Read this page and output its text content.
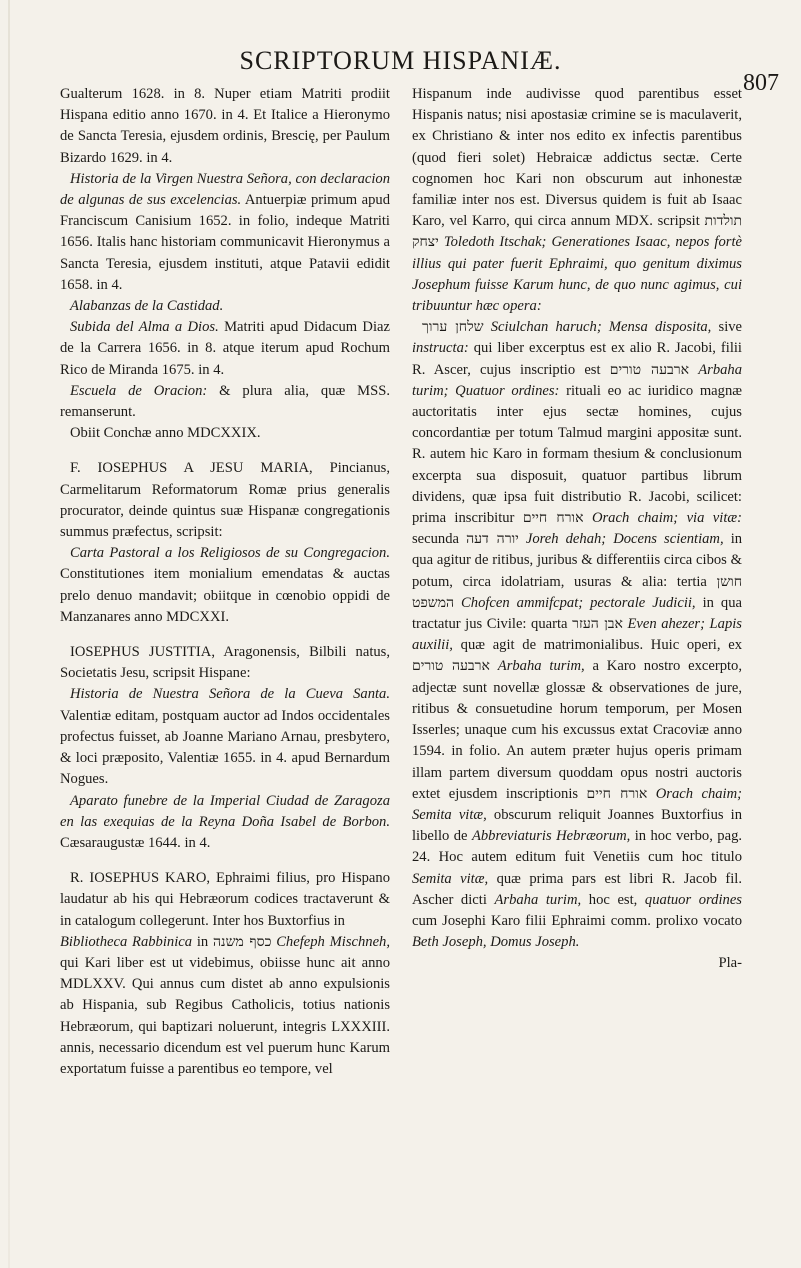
SCRIPTORUM HISPANIÆ.
807

Gualterum 1628. in 8. Nuper etiam Matriti prodiit Hispana editio anno 1670. in 4. Et Italice a Hieronymo de Sancta Teresia, ejusdem ordinis, Brescię, per Paulum Bizardo 1629. in 4.

Historia de la Virgen Nuestra Señora, con declaracion de algunas de sus excelencias. Antuerpiæ primum apud Franciscum Canisium 1652. in folio, indeque Matriti 1656. Italis hanc historiam communicavit Hieronymus a Sancta Teresia, ejusdem instituti, atque Patavii edidit 1658. in 4.

Alabanzas de la Castidad.

Subida del Alma a Dios. Matriti apud Didacum Diaz de la Carrera 1656. in 8. atque iterum apud Rochum Rico de Miranda 1675. in 4.

Escuela de Oracion: & plura alia, quæ MSS. remanserunt.

Obiit Conchæ anno MDCXXIX.

F. IOSEPHUS A JESU MARIA, Pincianus, Carmelitarum Reformatorum Romæ prius generalis procurator, deinde quintus suæ Hispanæ congregationis summus præfectus, scripsit:

Carta Pastoral a los Religiosos de su Congregacion. Constitutiones item monialium emendatas & auctas prelo denuo mandavit; obiitque in cœnobio oppidi de Manzanares anno MDCXXI.

IOSEPHUS JUSTITIA, Aragonensis, Bilbili natus, Societatis Jesu, scripsit Hispane:

Historia de Nuestra Señora de la Cueva Santa. Valentiæ editam, postquam auctor ad Indos occidentales profectus fuisset, ab Joanne Mariano Arnau, presbytero, & loci præposito, Valentiæ 1655. in 4. apud Bernardum Nogues.

Aparato funebre de la Imperial Ciudad de Zaragoza en las exequias de la Reyna Doña Isabel de Borbon. Cæsaraugustæ 1644. in 4.

R. IOSEPHUS KARO, Ephraimi filius, pro Hispano laudatur ab his qui Hebræorum codices tractaverunt & in catalogum collegerunt. Inter hos Buxtorfius in

Bibliotheca Rabbinica in כסף משנה Chefeph Mischneh, qui Kari liber est ut videbimus, obiisse hunc ait anno MDLXXV. Qui annus cum distet ab anno expulsionis ab Hispania, sub Regibus Catholicis, totius nationis Hebræorum, qui baptizari noluerunt, integris LXXXIII. annis, necessario dicendum est vel puerum hunc Karum exportatum fuisse a parentibus eo tempore, vel

Hispanum inde audivisse quod parentibus esset Hispanis natus; nisi apostasiæ crimine se is maculaverit, ex Christiano & inter nos edito ex infectis parentibus (quod fieri solet) Hebraicæ addictus sectæ. Certe cognomen hoc Kari non obscurum aut inhonestæ familiæ inter nos est. Diversus quidem is fuit ab Isaac Karo, vel Karro, qui circa annum MDX. scripsit תולדות יצחק Toledoth Itschak; Generationes Isaac, nepos fortè illius qui pater fuerit Ephraimi, quo genitum diximus Josephum fuisse Karum hunc, de quo nunc agimus, cui tribuuntur hæc opera:

שלחן ערוך Sciulchan haruch; Mensa disposita, sive instructa: qui liber excerptus est ex alio R. Jacobi, filii R. Ascer, cujus inscriptio est ארבעה טורים Arbaha turim; Quatuor ordines: rituali eo ac iuridico magnæ auctoritatis inter ejus sectæ homines, cujus concordantiæ per totum Talmud margini appositæ sunt. R. autem hic Karo in formam thesium & conclusionum excerpta sua disposuit, quatuor partibus librum dividens, quæ ipsa fuit distributio R. Jacobi, scilicet: prima inscribitur אורח חיים Orach chaim; via vitæ: secunda יורה דעה Joreh dehah; Docens scientiam, in qua agitur de ritibus, juribus & differentiis circa cibos & potum, circa idolatriam, usuras & alia: tertia חושן המשפט Chofcen ammifcpat; pectorale Judicii, in qua tractatur jus Civile: quarta אבן העזר Even ahezer; Lapis auxilii, quæ agit de matrimonialibus. Huic operi, ex ארבעה טורים Arbaha turim, a Karo nostro excerpto, adjectæ sunt novellæ glossæ & observationes de jure, ritibus & consuetudine horum temporum, per Mosen Isserles; unaque cum his excussus extat Cracoviæ anno 1594. in folio. An autem præter hujus operis primam illam partem diversum quoddam opus nostri auctoris extet ejusdem inscriptionis אורח חיים Orach chaim; Semita vitæ, obscurum reliquit Joannes Buxtorfius in libello de Abbreviaturis Hebræorum, in hoc verbo, pag. 24. Hoc autem editum fuit Venetiis cum hoc titulo Semita vitæ, quæ prima pars est libri R. Jacob fil. Ascher dicti Arbaha turim, hoc est, quatuor ordines cum Josephi Karo filii Ephraimi comm. prolixo vocato Beth Joseph, Domus Joseph.

Pla-
